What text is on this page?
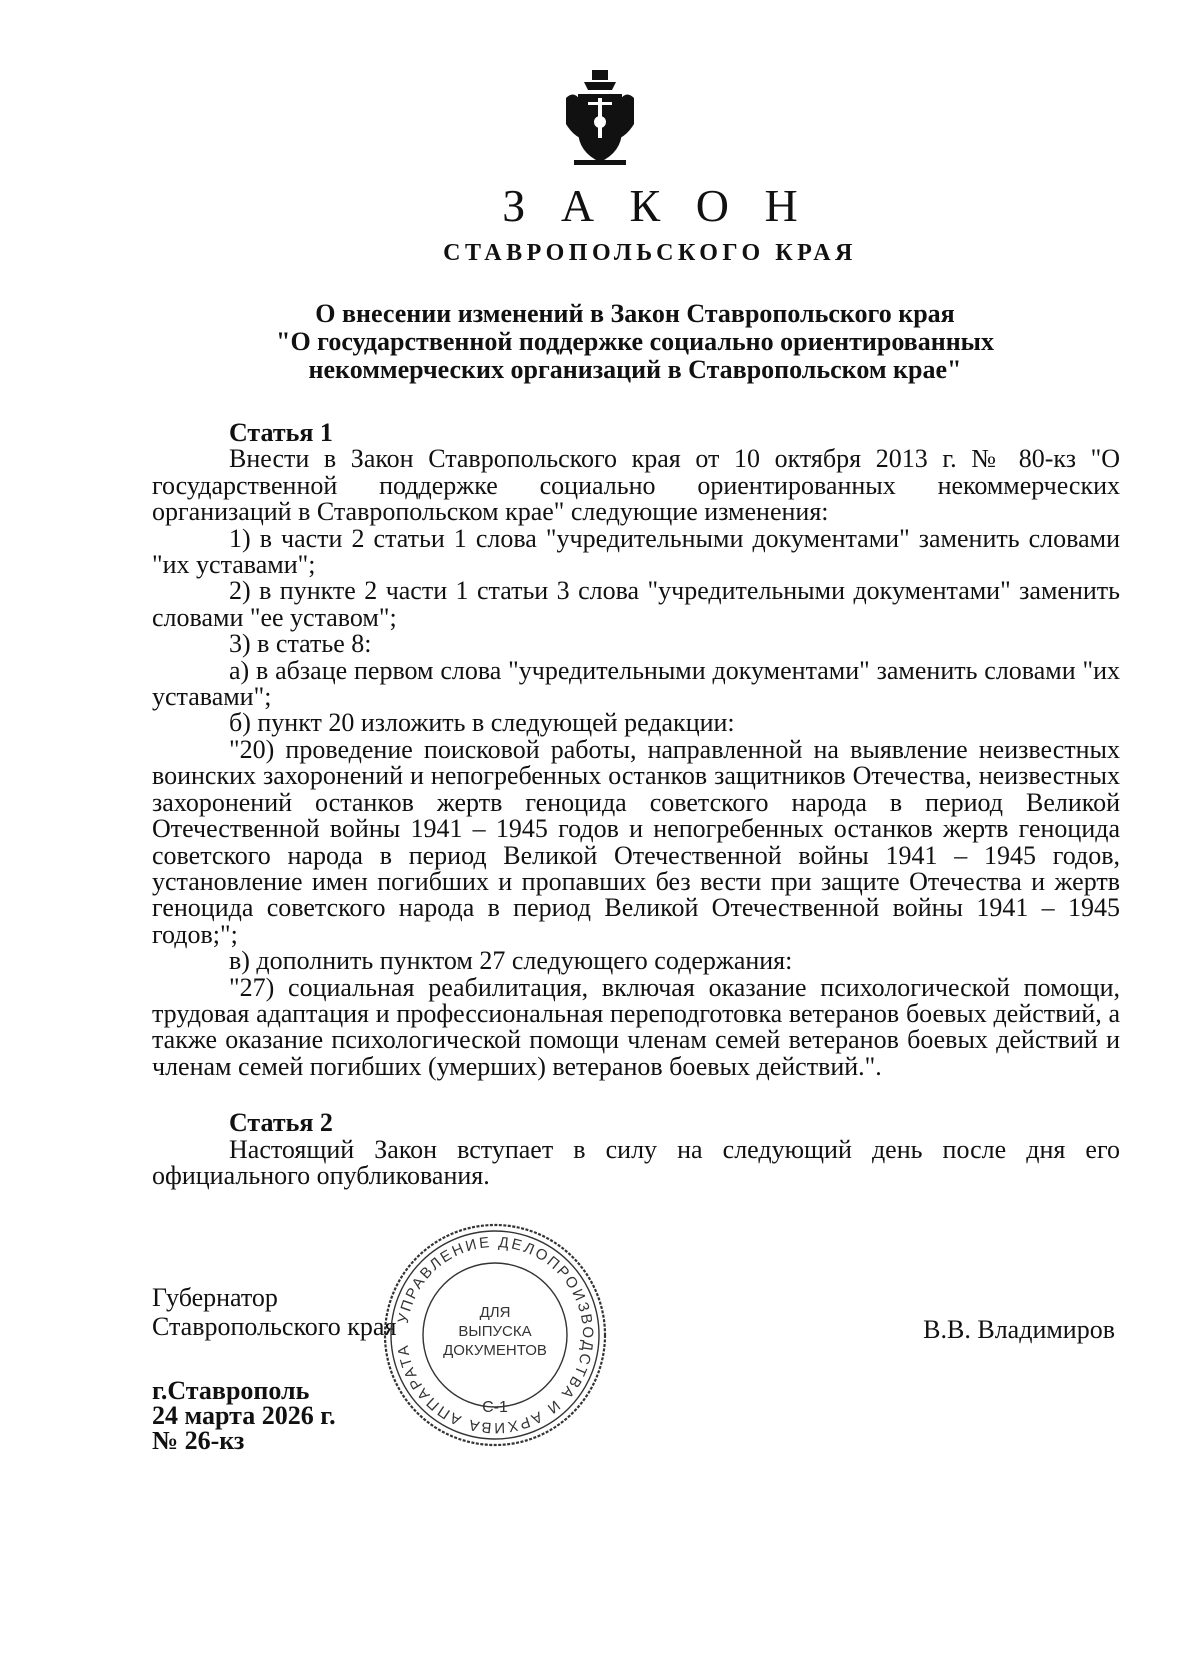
З А К О Н
СТАВРОПОЛЬСКОГО КРАЯ
О внесении изменений в Закон Ставропольского края
"О государственной поддержке социально ориентированных
некоммерческих организаций в Ставропольском крае"

Статья 1

Внести в Закон Ставропольского края от 10 октября 2013 г. № 80-кз "О государственной поддержке социально ориентированных некоммерческих организаций в Ставропольском крае" следующие изменения:

1) в части 2 статьи 1 слова "учредительными документами" заменить словами "их уставами";

2) в пункте 2 части 1 статьи 3 слова "учредительными документами" заменить словами "ее уставом";

3) в статье 8:

а) в абзаце первом слова "учредительными документами" заменить словами "их уставами";

б) пункт 20 изложить в следующей редакции:

"20) проведение поисковой работы, направленной на выявление неизвестных воинских захоронений и непогребенных останков защитников Отечества, неизвестных захоронений останков жертв геноцида советского народа в период Великой Отечественной войны 1941 – 1945 годов и непогребенных останков жертв геноцида советского народа в период Великой Отечественной войны 1941 – 1945 годов, установление имен погибших и пропавших без вести при защите Отечества и жертв геноцида советского народа в период Великой Отечественной войны 1941 – 1945 годов;";

в) дополнить пунктом 27 следующего содержания:

"27) социальная реабилитация, включая оказание психологической помощи, трудовая адаптация и профессиональная переподготовка ветеранов боевых действий, а также оказание психологической помощи членам семей ветеранов боевых действий и членам семей погибших (умерших) ветеранов боевых действий.".

Статья 2

Настоящий Закон вступает в силу на следующий день после дня его официального опубликования.

Губернатор
Ставропольского края	В.В. Владимиров
г.Ставрополь
24 марта 2026 г.
№ 26-кз
УПРАВЛЕНИЕ ДЕЛОПРОИЗВОДСТВА И АРХИВА АППАРАТА
С-1
ДЛЯ
ВЫПУСКА
ДОКУМЕНТОВ
